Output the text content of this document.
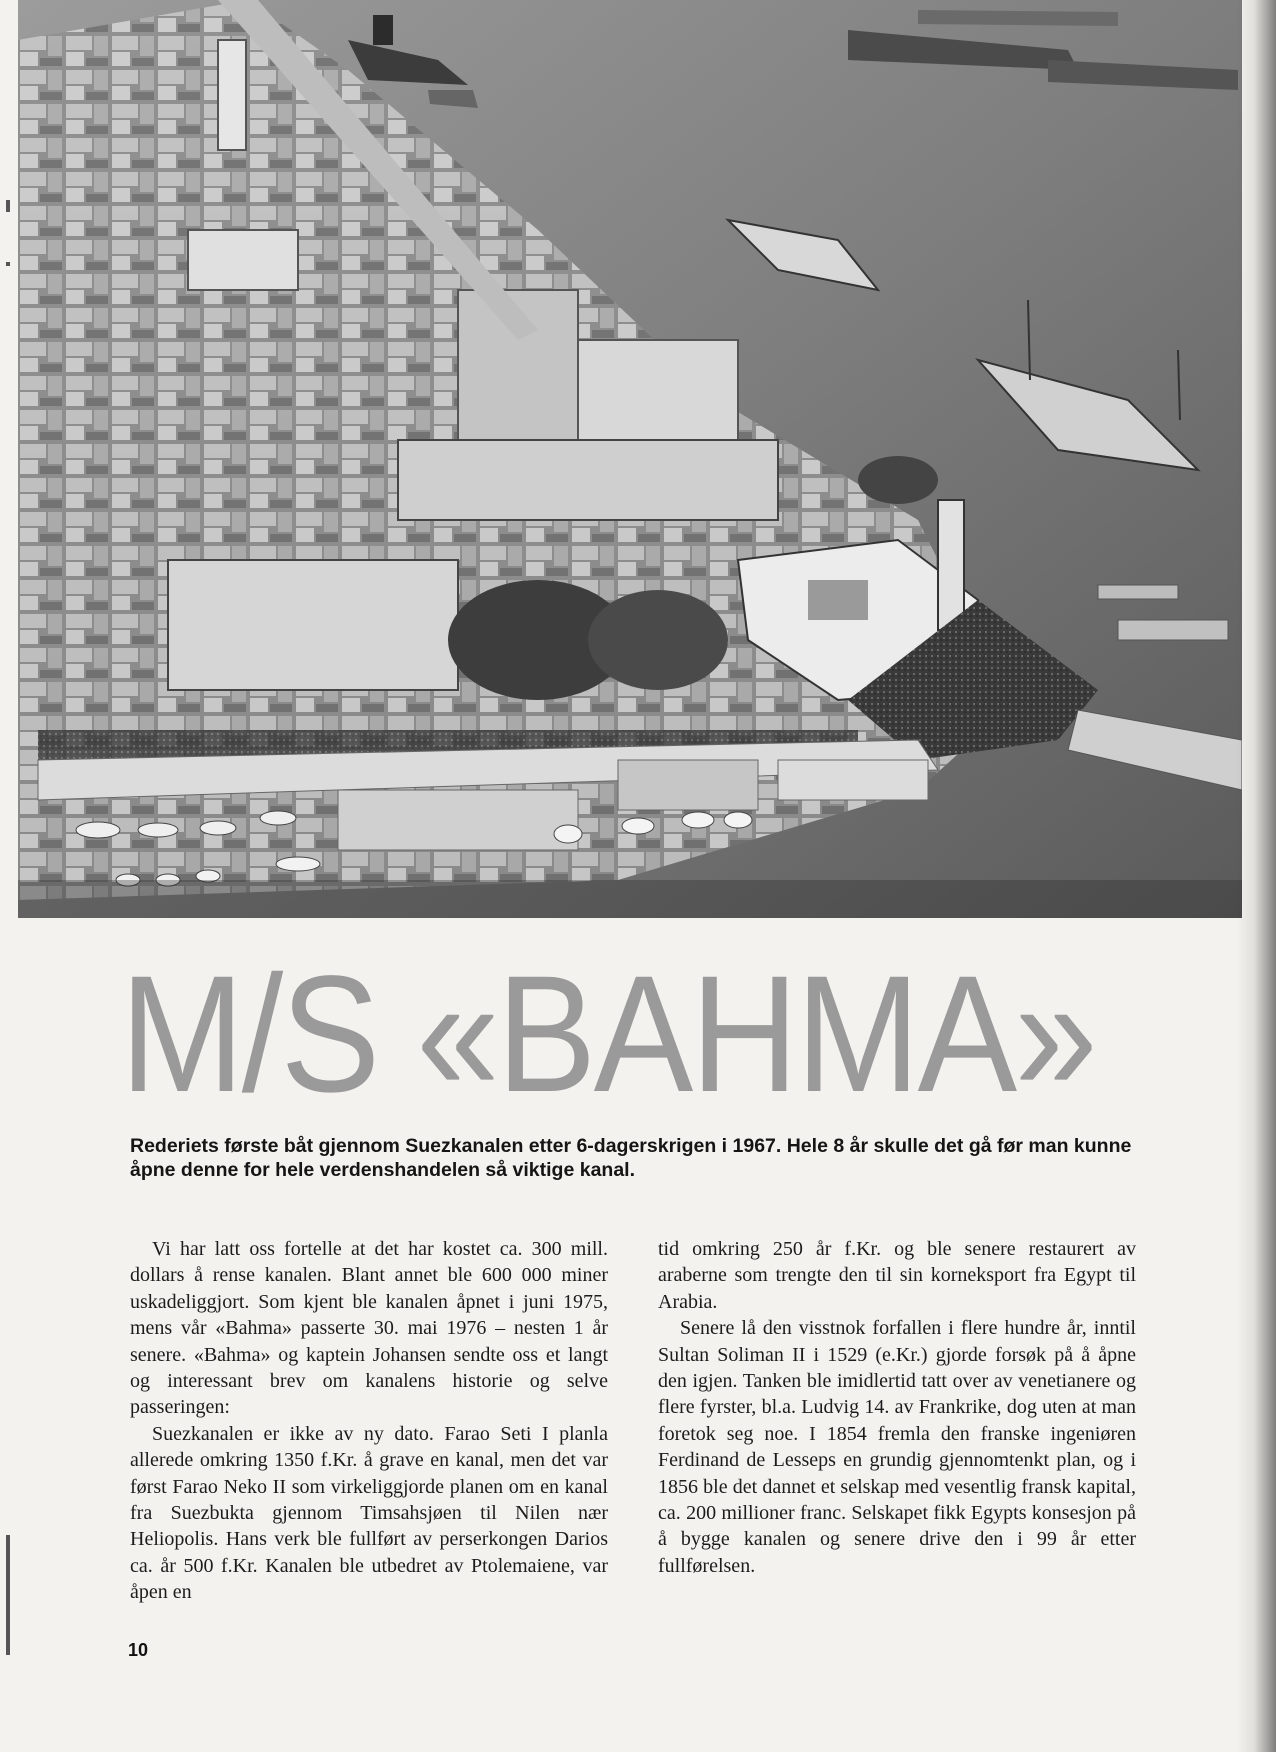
M/S «BAHMA»
Rederiets første båt gjennom Suezkanalen etter 6-dagerskrigen i 1967. Hele 8 år skulle det gå før man kunne åpne denne for hele verdenshandelen så viktige kanal.

Vi har latt oss fortelle at det har kostet ca. 300 mill. dollars å rense kanalen. Blant annet ble 600 000 miner uskadeliggjort. Som kjent ble kanalen åpnet i juni 1975, mens vår «Bahma» passerte 30. mai 1976 – nesten 1 år senere. «Bahma» og kaptein Johansen sendte oss et langt og interessant brev om kanalens historie og selve passeringen:

Suezkanalen er ikke av ny dato. Farao Seti I planla allerede omkring 1350 f.Kr. å grave en kanal, men det var først Farao Neko II som virkeliggjorde planen om en kanal fra Suezbukta gjennom Timsahsjøen til Nilen nær Heliopolis. Hans verk ble fullført av perserkongen Darios ca. år 500 f.Kr. Kanalen ble utbedret av Ptolemaiene, var åpen en

tid omkring 250 år f.Kr. og ble senere restaurert av araberne som trengte den til sin korneksport fra Egypt til Arabia.

Senere lå den visstnok forfallen i flere hundre år, inntil Sultan Soliman II i 1529 (e.Kr.) gjorde forsøk på å åpne den igjen. Tanken ble imidlertid tatt over av venetianere og flere fyrster, bl.a. Ludvig 14. av Frankrike, dog uten at man foretok seg noe. I 1854 fremla den franske ingeniøren Ferdinand de Lesseps en grundig gjennomtenkt plan, og i 1856 ble det dannet et selskap med vesentlig fransk kapital, ca. 200 millioner franc. Selskapet fikk Egypts konsesjon på å bygge kanalen og senere drive den i 99 år etter fullførelsen.

10
